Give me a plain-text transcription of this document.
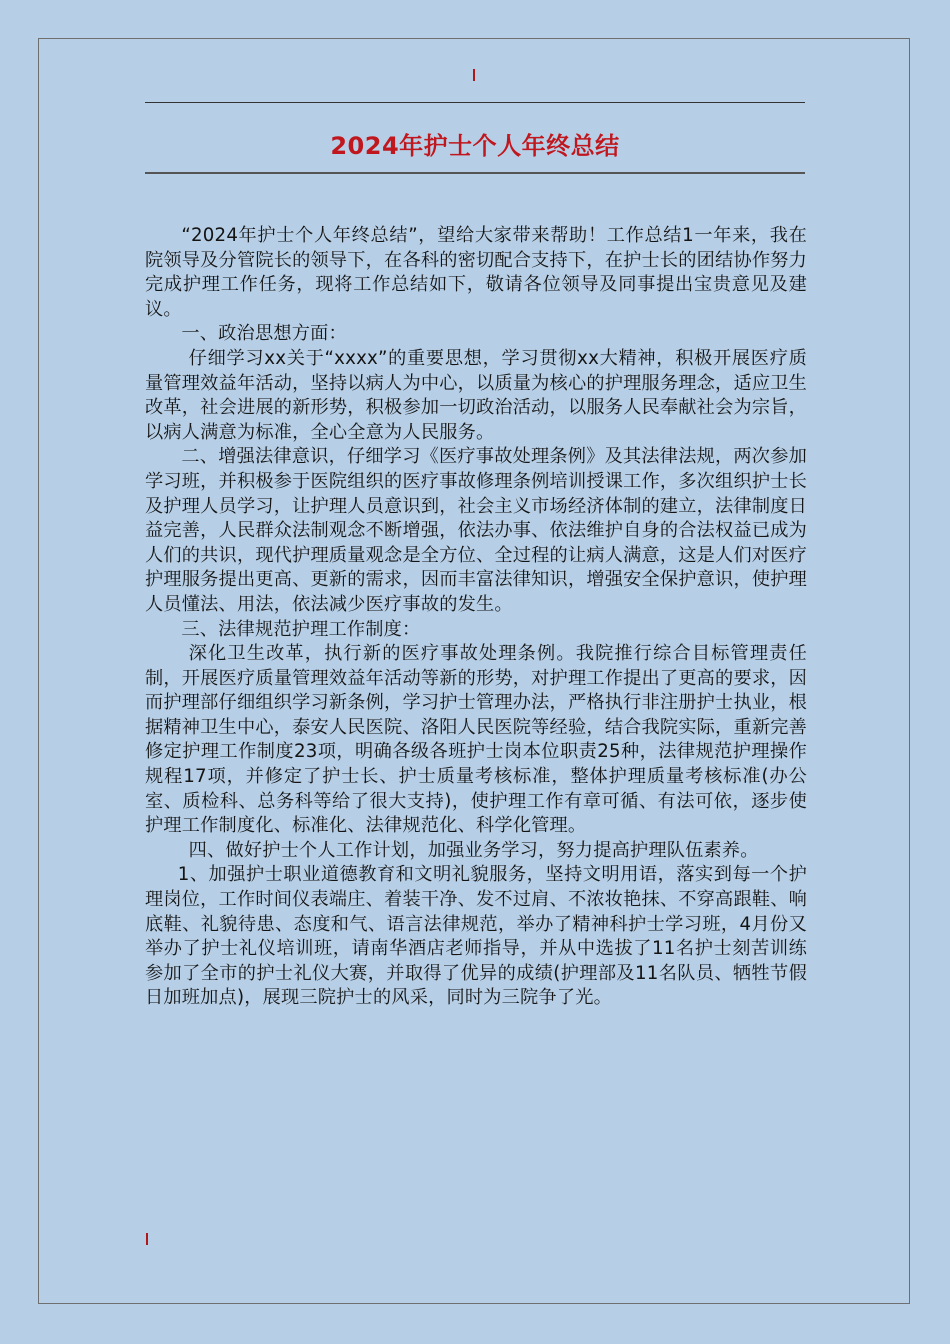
2024年护士个人年终总结

“2024年护士个人年终总结”，望给大家带来帮助！工作总结1一年来，我在院领导及分管院长的领导下，在各科的密切配合支持下，在护士长的团结协作努力完成护理工作任务，现将工作总结如下，敬请各位领导及同事提出宝贵意见及建议。

一、政治思想方面：

仔细学习xx关于“xxxx”的重要思想，学习贯彻xx大精神，积极开展医疗质量管理效益年活动，坚持以病人为中心，以质量为核心的护理服务理念，适应卫生改革，社会进展的新形势，积极参加一切政治活动，以服务人民奉献社会为宗旨，以病人满意为标准，全心全意为人民服务。

二、增强法律意识，仔细学习《医疗事故处理条例》及其法律法规，两次参加学习班，并积极参于医院组织的医疗事故修理条例培训授课工作，多次组织护士长及护理人员学习，让护理人员意识到，社会主义市场经济体制的建立，法律制度日益完善，人民群众法制观念不断增强，依法办事、依法维护自身的合法权益已成为人们的共识，现代护理质量观念是全方位、全过程的让病人满意，这是人们对医疗护理服务提出更高、更新的需求，因而丰富法律知识，增强安全保护意识，使护理人员懂法、用法，依法减少医疗事故的发生。

三、法律规范护理工作制度：

深化卫生改革，执行新的医疗事故处理条例。我院推行综合目标管理责任制，开展医疗质量管理效益年活动等新的形势，对护理工作提出了更高的要求，因而护理部仔细组织学习新条例，学习护士管理办法，严格执行非注册护士执业，根据精神卫生中心，泰安人民医院、洛阳人民医院等经验，结合我院实际，重新完善修定护理工作制度23项，明确各级各班护士岗本位职责25种，法律规范护理操作规程17项，并修定了护士长、护士质量考核标准，整体护理质量考核标准(办公室、质检科、总务科等给了很大支持)，使护理工作有章可循、有法可依，逐步使护理工作制度化、标准化、法律规范化、科学化管理。

四、做好护士个人工作计划，加强业务学习，努力提高护理队伍素养。

1、加强护士职业道德教育和文明礼貌服务，坚持文明用语，落实到每一个护理岗位，工作时间仪表端庄、着装干净、发不过肩、不浓妆艳抹、不穿高跟鞋、响底鞋、礼貌待患、态度和气、语言法律规范，举办了精神科护士学习班，4月份又举办了护士礼仪培训班，请南华酒店老师指导，并从中选拔了11名护士刻苦训练参加了全市的护士礼仪大赛，并取得了优异的成绩(护理部及11名队员、牺牲节假日加班加点)，展现三院护士的风采，同时为三院争了光。
